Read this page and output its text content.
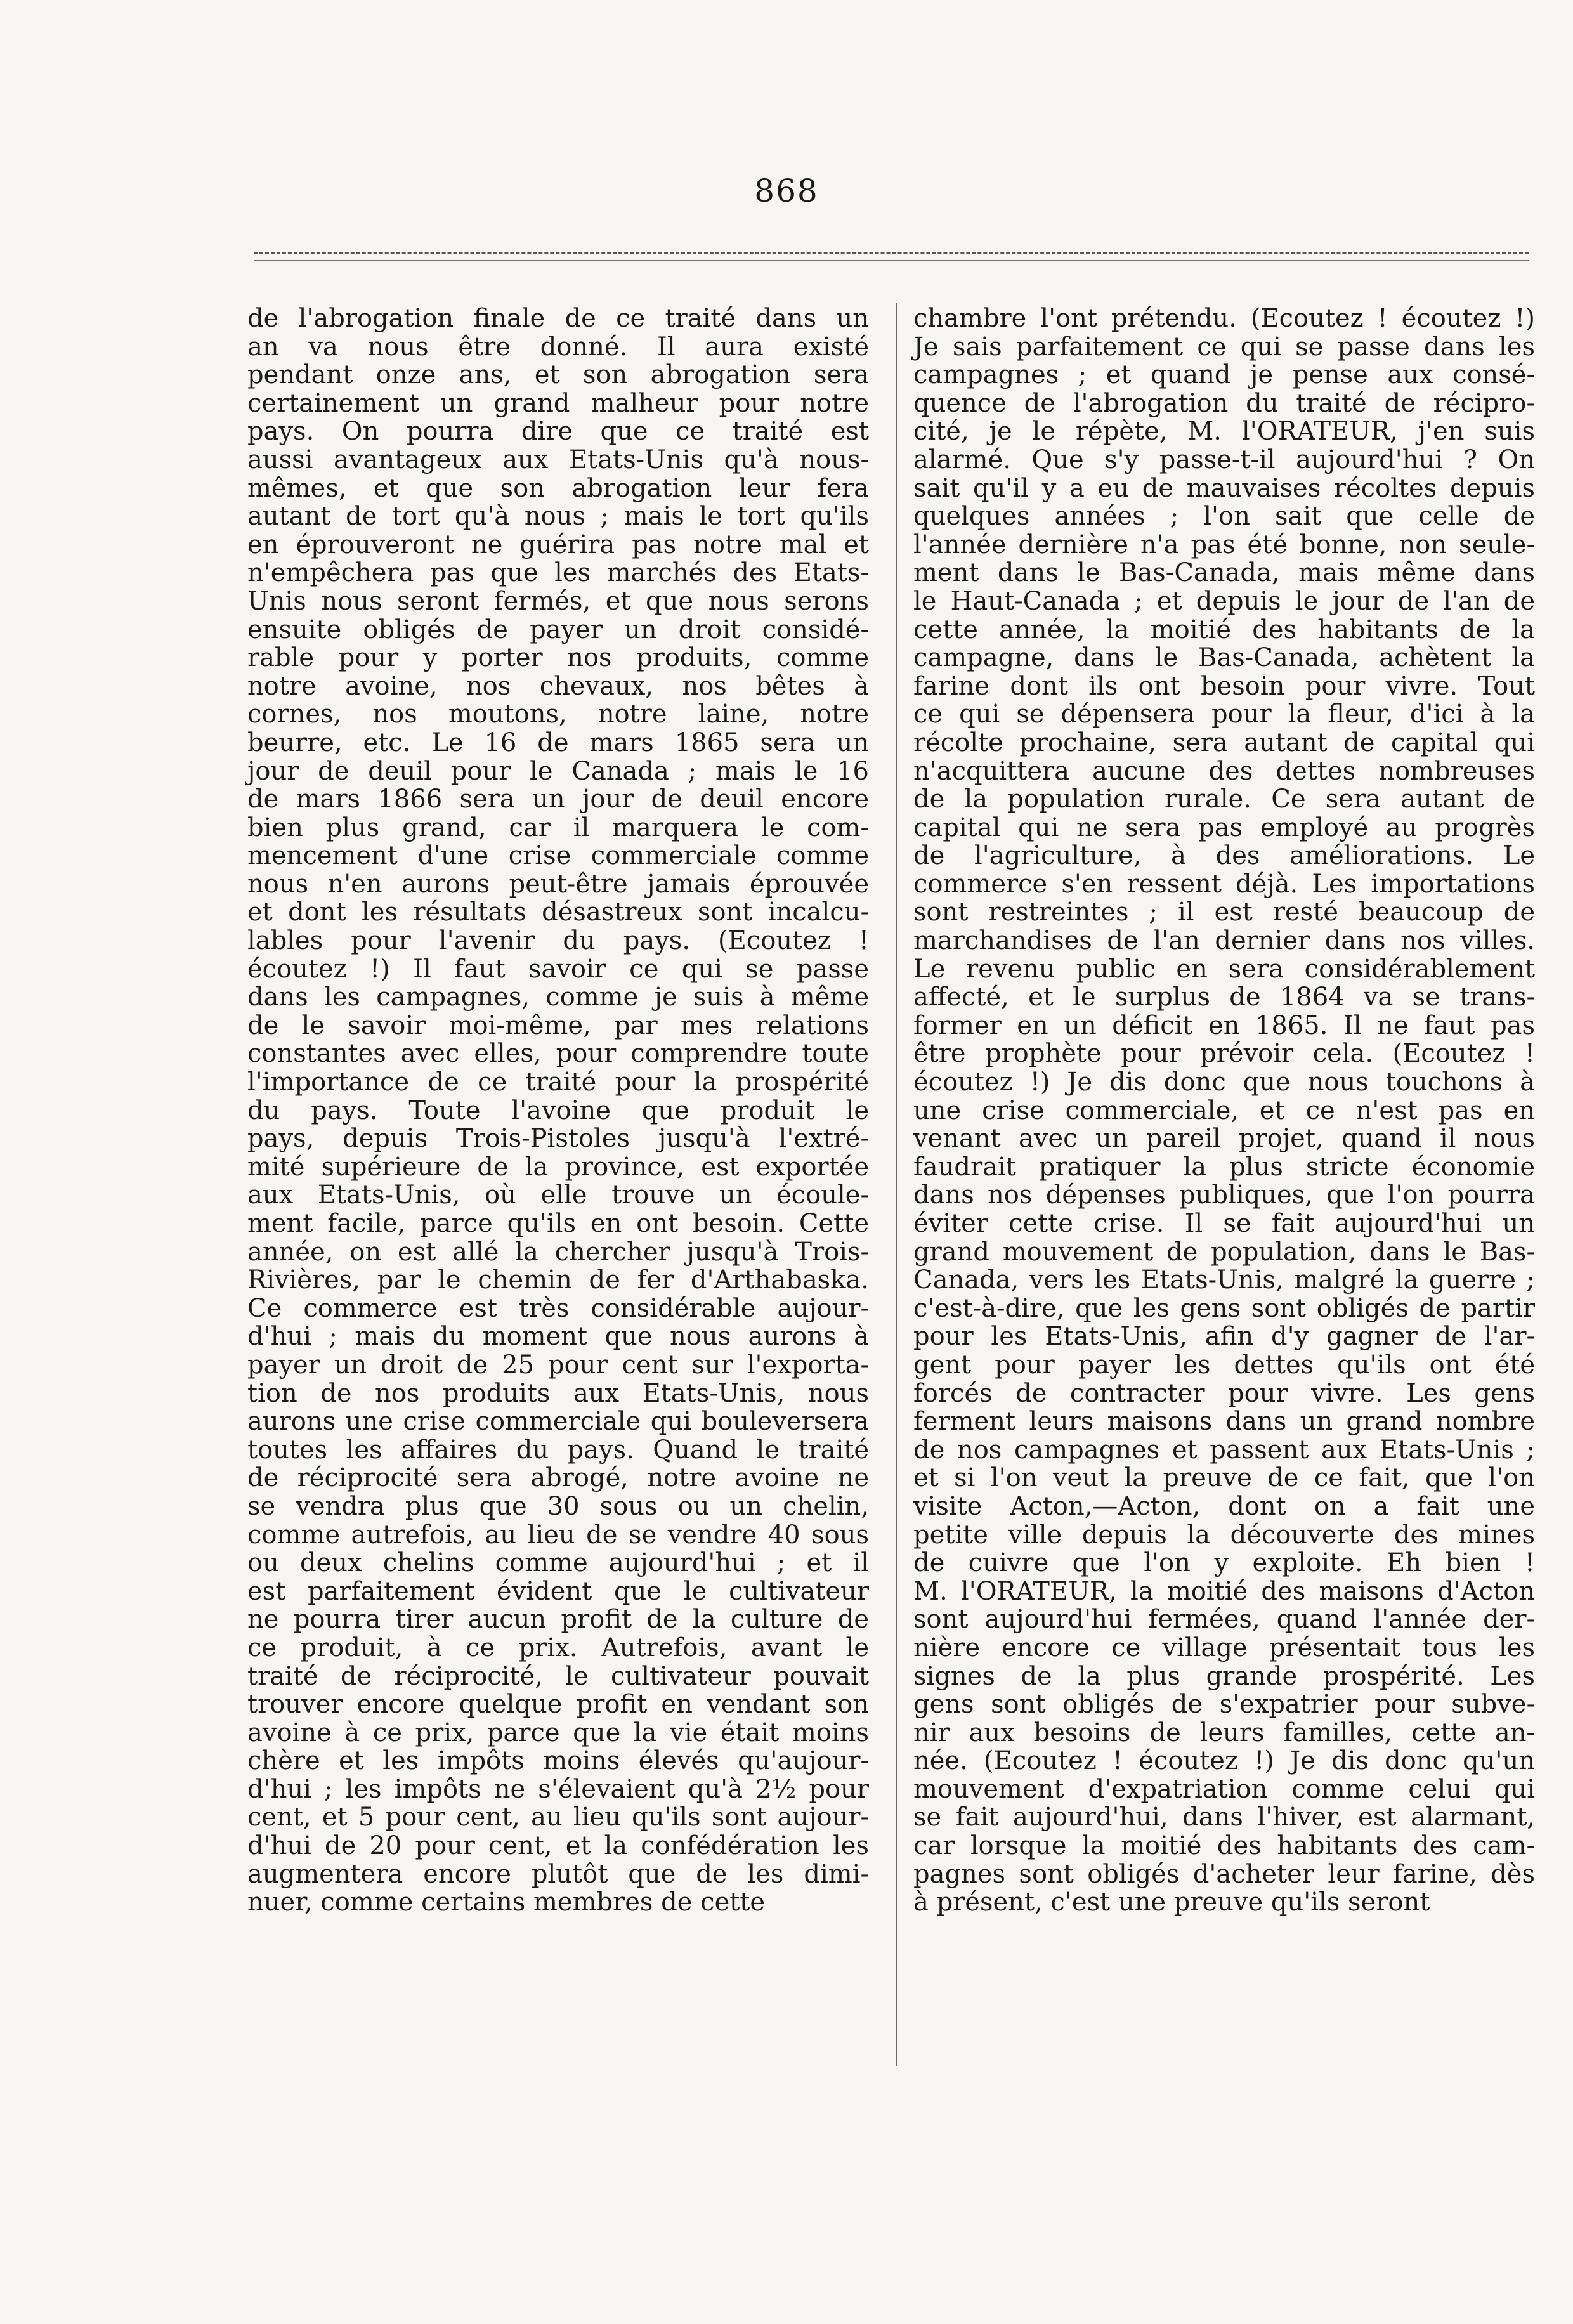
868
de l'abrogation finale de ce traité dans un
an va nous être donné. Il aura existé
pendant onze ans, et son abrogation sera
certainement un grand malheur pour notre
pays. On pourra dire que ce traité est
aussi avantageux aux Etats-Unis qu'à nous-
mêmes, et que son abrogation leur fera
autant de tort qu'à nous ; mais le tort qu'ils
en éprouveront ne guérira pas notre mal et
n'empêchera pas que les marchés des Etats-
Unis nous seront fermés, et que nous serons
ensuite obligés de payer un droit considé-
rable pour y porter nos produits, comme
notre avoine, nos chevaux, nos bêtes à
cornes, nos moutons, notre laine, notre
beurre, etc. Le 16 de mars 1865 sera un
jour de deuil pour le Canada ; mais le 16
de mars 1866 sera un jour de deuil encore
bien plus grand, car il marquera le com-
mencement d'une crise commerciale comme
nous n'en aurons peut-être jamais éprouvée
et dont les résultats désastreux sont incalcu-
lables pour l'avenir du pays. (Ecoutez !
écoutez !) Il faut savoir ce qui se passe
dans les campagnes, comme je suis à même
de le savoir moi-même, par mes relations
constantes avec elles, pour comprendre toute
l'importance de ce traité pour la prospérité
du pays. Toute l'avoine que produit le
pays, depuis Trois-Pistoles jusqu'à l'extré-
mité supérieure de la province, est exportée
aux Etats-Unis, où elle trouve un écoule-
ment facile, parce qu'ils en ont besoin. Cette
année, on est allé la chercher jusqu'à Trois-
Rivières, par le chemin de fer d'Arthabaska.
Ce commerce est très considérable aujour-
d'hui ; mais du moment que nous aurons à
payer un droit de 25 pour cent sur l'exporta-
tion de nos produits aux Etats-Unis, nous
aurons une crise commerciale qui bouleversera
toutes les affaires du pays. Quand le traité
de réciprocité sera abrogé, notre avoine ne
se vendra plus que 30 sous ou un chelin,
comme autrefois, au lieu de se vendre 40 sous
ou deux chelins comme aujourd'hui ; et il
est parfaitement évident que le cultivateur
ne pourra tirer aucun profit de la culture de
ce produit, à ce prix. Autrefois, avant le
traité de réciprocité, le cultivateur pouvait
trouver encore quelque profit en vendant son
avoine à ce prix, parce que la vie était moins
chère et les impôts moins élevés qu'aujour-
d'hui ; les impôts ne s'élevaient qu'à 2½ pour
cent, et 5 pour cent, au lieu qu'ils sont aujour-
d'hui de 20 pour cent, et la confédération les
augmentera encore plutôt que de les dimi-
nuer, comme certains membres de cette
chambre l'ont prétendu. (Ecoutez ! écoutez !)
Je sais parfaitement ce qui se passe dans les
campagnes ; et quand je pense aux consé-
quence de l'abrogation du traité de récipro-
cité, je le répète, M. l'ORATEUR, j'en suis
alarmé. Que s'y passe-t-il aujourd'hui ? On
sait qu'il y a eu de mauvaises récoltes depuis
quelques années ; l'on sait que celle de
l'année dernière n'a pas été bonne, non seule-
ment dans le Bas-Canada, mais même dans
le Haut-Canada ; et depuis le jour de l'an de
cette année, la moitié des habitants de la
campagne, dans le Bas-Canada, achètent la
farine dont ils ont besoin pour vivre. Tout
ce qui se dépensera pour la fleur, d'ici à la
récolte prochaine, sera autant de capital qui
n'acquittera aucune des dettes nombreuses
de la population rurale. Ce sera autant de
capital qui ne sera pas employé au progrès
de l'agriculture, à des améliorations. Le
commerce s'en ressent déjà. Les importations
sont restreintes ; il est resté beaucoup de
marchandises de l'an dernier dans nos villes.
Le revenu public en sera considérablement
affecté, et le surplus de 1864 va se trans-
former en un déficit en 1865. Il ne faut pas
être prophète pour prévoir cela. (Ecoutez !
écoutez !) Je dis donc que nous touchons à
une crise commerciale, et ce n'est pas en
venant avec un pareil projet, quand il nous
faudrait pratiquer la plus stricte économie
dans nos dépenses publiques, que l'on pourra
éviter cette crise. Il se fait aujourd'hui un
grand mouvement de population, dans le Bas-
Canada, vers les Etats-Unis, malgré la guerre ;
c'est-à-dire, que les gens sont obligés de partir
pour les Etats-Unis, afin d'y gagner de l'ar-
gent pour payer les dettes qu'ils ont été
forcés de contracter pour vivre. Les gens
ferment leurs maisons dans un grand nombre
de nos campagnes et passent aux Etats-Unis ;
et si l'on veut la preuve de ce fait, que l'on
visite Acton,—Acton, dont on a fait une
petite ville depuis la découverte des mines
de cuivre que l'on y exploite. Eh bien !
M. l'ORATEUR, la moitié des maisons d'Acton
sont aujourd'hui fermées, quand l'année der-
nière encore ce village présentait tous les
signes de la plus grande prospérité. Les
gens sont obligés de s'expatrier pour subve-
nir aux besoins de leurs familles, cette an-
née. (Ecoutez ! écoutez !) Je dis donc qu'un
mouvement d'expatriation comme celui qui
se fait aujourd'hui, dans l'hiver, est alarmant,
car lorsque la moitié des habitants des cam-
pagnes sont obligés d'acheter leur farine, dès
à présent, c'est une preuve qu'ils seront
